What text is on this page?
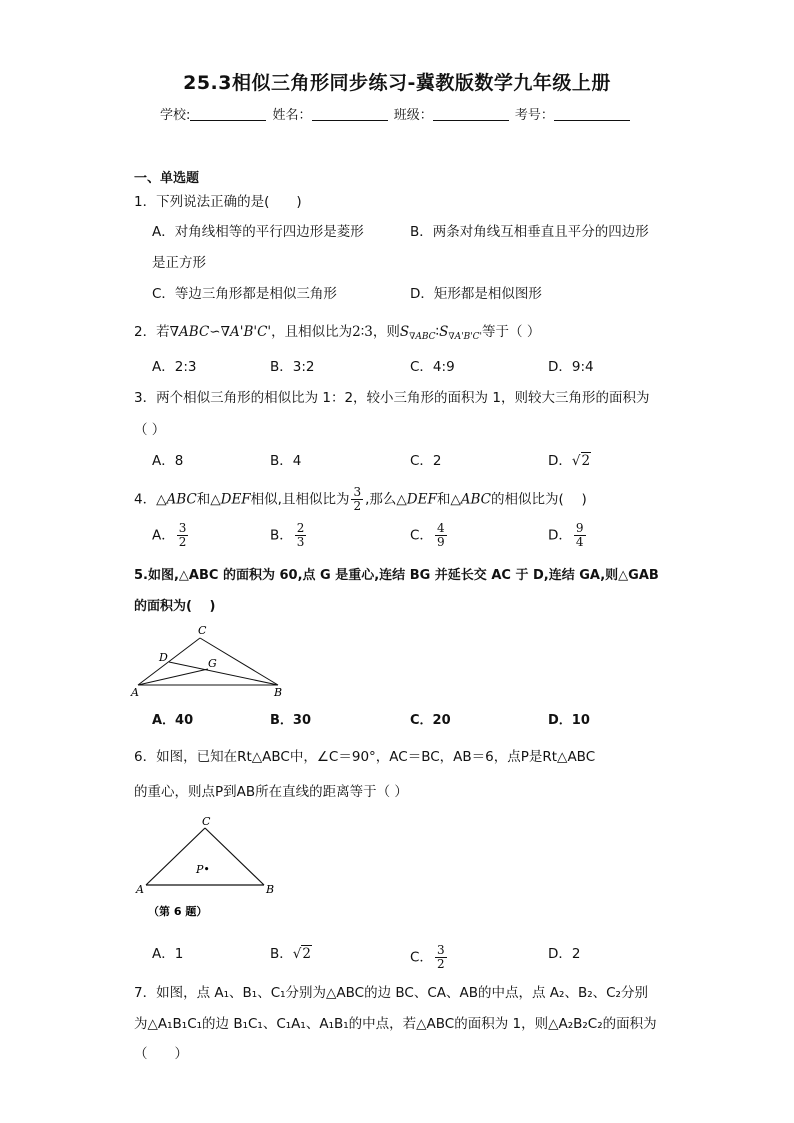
25.3相似三角形同步练习-冀教版数学九年级上册
学校:	姓名：	班级：	考号：
一、单选题
1．下列说法正确的是(　　)
A．对角线相等的平行四边形是菱形	B．两条对角线互相垂直且平分的四边形
是正方形
C．等边三角形都是相似三角形	D．矩形都是相似图形
2．若∇ABC∽∇A'B'C'，且相似比为2∶3，则$S_{\nabla ABC}∶S_{\nabla A'B'C'}$等于（ ）
A．2:3	B．3:2	C．4:9	D．9:4
3．两个相似三角形的相似比为 1：2，较小三角形的面积为 1，则较大三角形的面积为
（ ）
A．8	B．4	C．2	D．√2
4．△ABC和△DEF相似,且相似比为 $\frac{3}{2}$ ,那么△DEF和△ABC的相似比为(　 )
A． $\frac{3}{2}$	B． $\frac{2}{3}$	C． $\frac{4}{9}$	D． $\frac{9}{4}$
5.如图,△ABC 的面积为 60,点 G 是重心,连结 BG 并延长交 AC 于 D,连结 GA,则△GAB
的面积为(　 )
C
D	G
A	B
A．40	B．30	C．20	D．10
6．如图，已知在Rt△ABC中，∠C＝90°，AC＝BC，AB＝6，点P是Rt△ABC
的重心，则点P到AB所在直线的距离等于（ ）
C
P•
A	B
（第 6 题）
A．1	B．√2	C． $\frac{3}{2}$	D．2
7．如图，点 A₁、B₁、C₁分别为△ABC的边 BC、CA、AB的中点，点 A₂、B₂、C₂分别
为△A₁B₁C₁的边 B₁C₁、C₁A₁、A₁B₁的中点，若△ABC的面积为 1，则△A₂B₂C₂的面积为
（　　）
